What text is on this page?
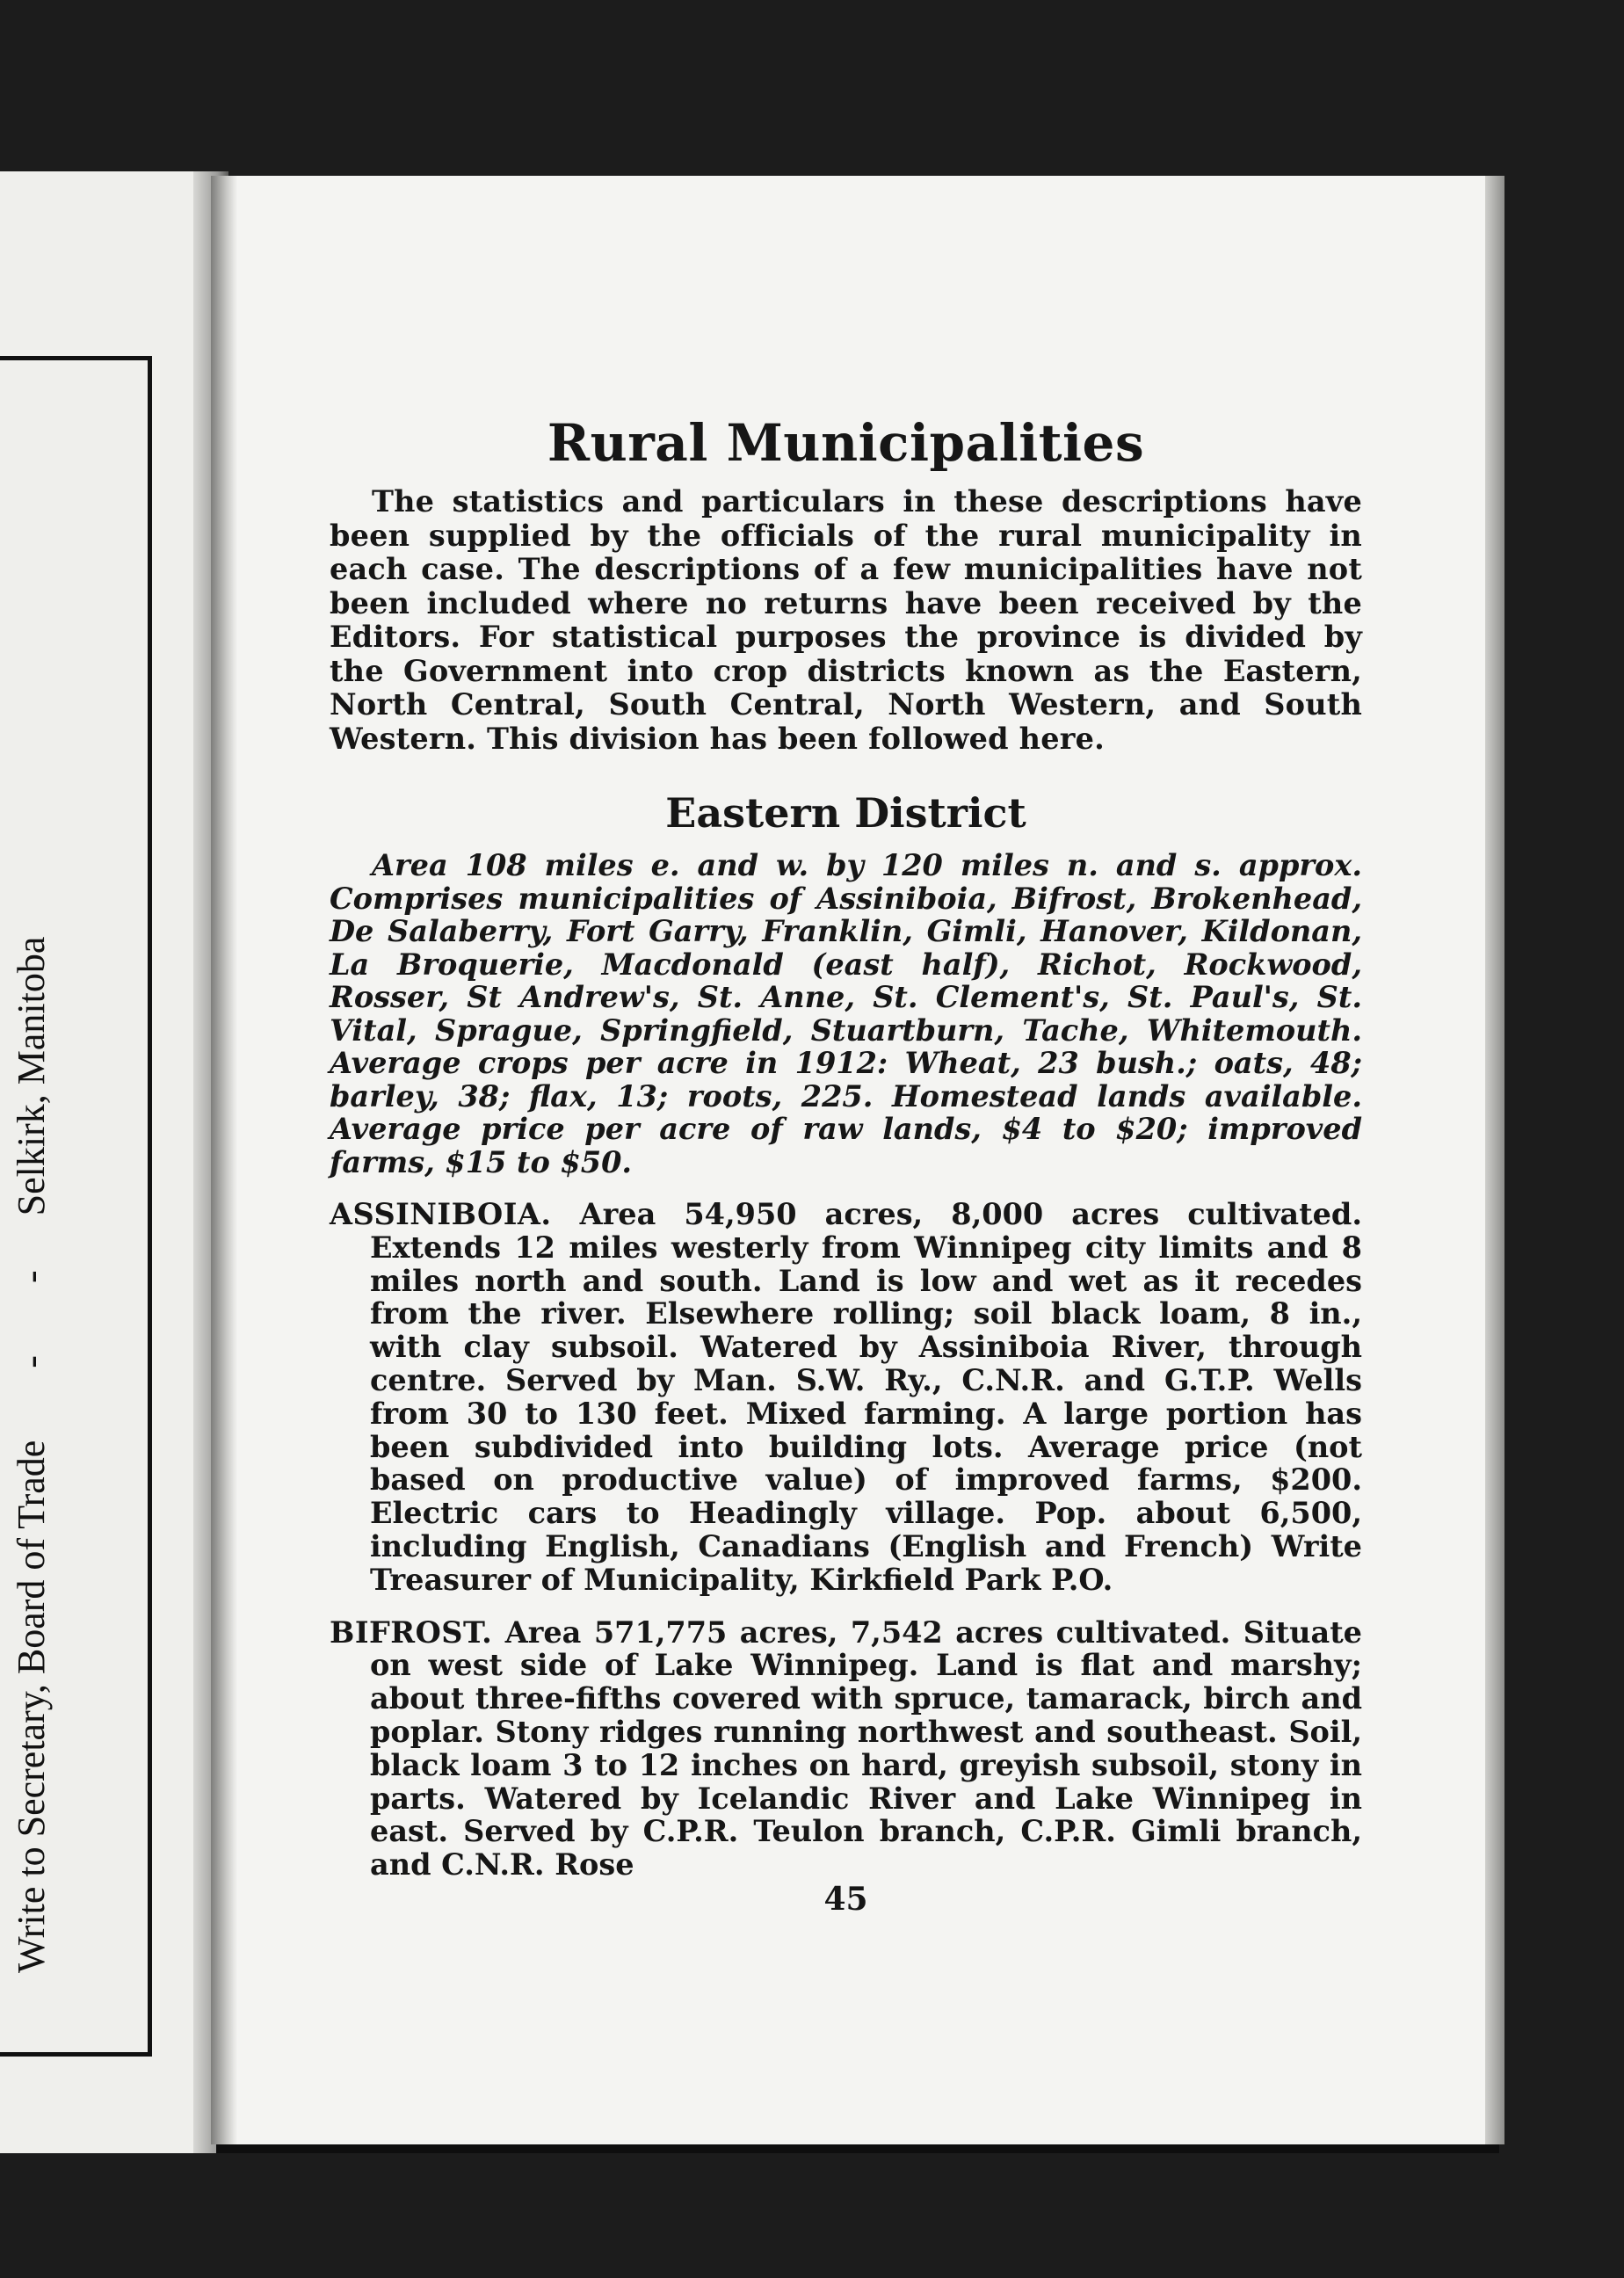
Write to Secretary, Board of Trade  -  -  Selkirk, Manitoba
Rural Municipalities

The statistics and particulars in these descriptions have been supplied by the officials of the rural municipality in each case. The descriptions of a few municipalities have not been included where no returns have been received by the Editors. For statistical purposes the province is divided by the Government into crop districts known as the Eastern, North Central, South Central, North Western, and South Western. This division has been followed here.

Eastern District

Area 108 miles e. and w. by 120 miles n. and s. approx. Comprises municipalities of Assiniboia, Bifrost, Brokenhead, De Salaberry, Fort Garry, Franklin, Gimli, Hanover, Kildonan, La Broquerie, Macdonald (east half), Richot, Rockwood, Rosser, St Andrew's, St. Anne, St. Clement's, St. Paul's, St. Vital, Sprague, Springfield, Stuartburn, Tache, Whitemouth. Average crops per acre in 1912: Wheat, 23 bush.; oats, 48; barley, 38; flax, 13; roots, 225. Homestead lands available. Average price per acre of raw lands, $4 to $20; improved farms, $15 to $50.

ASSINIBOIA. Area 54,950 acres, 8,000 acres cultivated. Extends 12 miles westerly from Winnipeg city limits and 8 miles north and south. Land is low and wet as it recedes from the river. Elsewhere rolling; soil black loam, 8 in., with clay subsoil. Watered by Assiniboia River, through centre. Served by Man. S.W. Ry., C.N.R. and G.T.P. Wells from 30 to 130 feet. Mixed farming. A large portion has been subdivided into building lots. Average price (not based on productive value) of improved farms, $200. Electric cars to Headingly village. Pop. about 6,500, including English, Canadians (English and French) Write Treasurer of Municipality, Kirkfield Park P.O.

BIFROST. Area 571,775 acres, 7,542 acres cultivated. Situate on west side of Lake Winnipeg. Land is flat and marshy; about three-fifths covered with spruce, tamarack, birch and poplar. Stony ridges running northwest and southeast. Soil, black loam 3 to 12 inches on hard, greyish subsoil, stony in parts. Watered by Icelandic River and Lake Winnipeg in east. Served by C.P.R. Teulon branch, C.P.R. Gimli branch, and C.N.R. Rose

45
